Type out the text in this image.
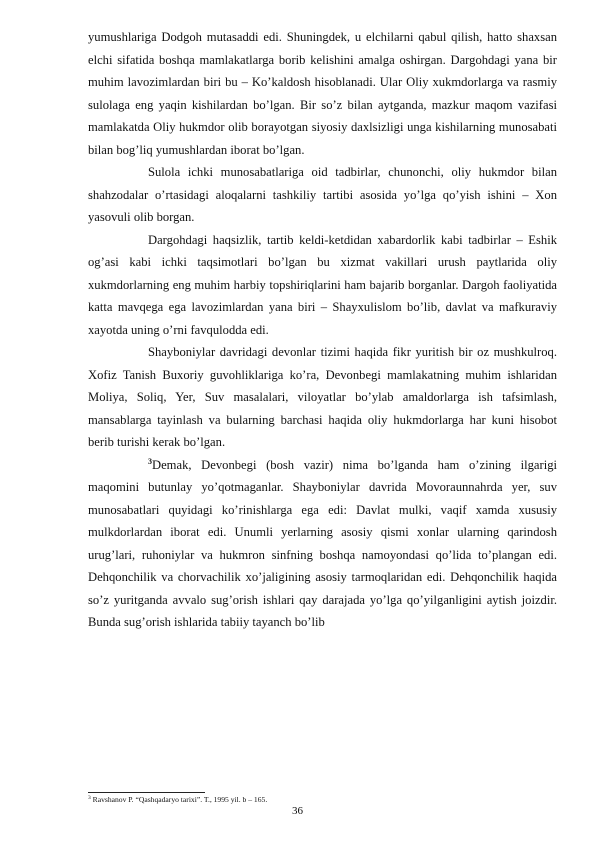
yumushlariga Dodgoh mutasaddi edi. Shuningdek, u elchilarni qabul qilish, hatto shaxsan elchi sifatida boshqa mamlakatlarga borib kelishini amalga oshirgan. Dargohdagi yana bir muhim lavozimlardan biri bu – Ko’kaldosh hisoblanadi. Ular Oliy xukmdorlarga va rasmiy sulolaga eng yaqin kishilardan bo’lgan. Bir so’z bilan aytganda, mazkur maqom vazifasi mamlakatda Oliy hukmdor olib borayotgan siyosiy daxlsizligi unga kishilarning munosabati bilan bog’liq yumushlardan iborat bo’lgan.

Sulola ichki munosabatlariga oid tadbirlar, chunonchi, oliy hukmdor bilan shahzodalar o’rtasidagi aloqalarni tashkiliy tartibi asosida yo’lga qo’yish ishini – Xon yasovuli olib borgan.

Dargohdagi haqsizlik, tartib keldi-ketdidan xabardorlik kabi tadbirlar – Eshik og’asi kabi ichki taqsimotlari bo’lgan bu xizmat vakillari urush paytlarida oliy xukmdorlarning eng muhim harbiy topshiriqlarini ham bajarib borganlar. Dargoh faoliyatida katta mavqega ega lavozimlardan yana biri – Shayxulislom bo’lib, davlat va mafkuraviy xayotda uning o’rni favqulodda edi.

Shayboniylar davridagi devonlar tizimi haqida fikr yuritish bir oz mushkulroq. Xofiz Tanish Buxoriy guvohliklariga ko’ra, Devonbegi mamlakatning muhim ishlaridan Moliya, Soliq, Yer, Suv masalalari, viloyatlar bo’ylab amaldorlarga ish tafsimlash, mansablarga tayinlash va bularning barchasi haqida oliy hukmdorlarga har kuni hisobot berib turishi kerak bo’lgan.

$^3$Demak, Devonbegi (bosh vazir) nima bo’lganda ham o’zining ilgarigi maqomini butunlay yo’qotmaganlar. Shayboniylar davrida Movoraunnahrda yer, suv munosabatlari quyidagi ko’rinishlarga ega edi: Davlat mulki, vaqif xamda xususiy mulkdorlardan iborat edi. Unumli yerlarning asosiy qismi xonlar ularning qarindosh urug’lari, ruhoniylar va hukmron sinfning boshqa namoyondasi qo’lida to’plangan edi. Dehqonchilik va chorvachilik xo’jaligining asosiy tarmoqlaridan edi. Dehqonchilik haqida so’z yuritganda avvalo sug’orish ishlari qay darajada yo’lga qo’yilganligini aytish joizdir. Bunda sug’orish ishlarida tabiiy tayanch bo’lib

$^3$ Ravshanov P. “Qashqadaryo tarixi”. T., 1995 yil. b – 165.
36
